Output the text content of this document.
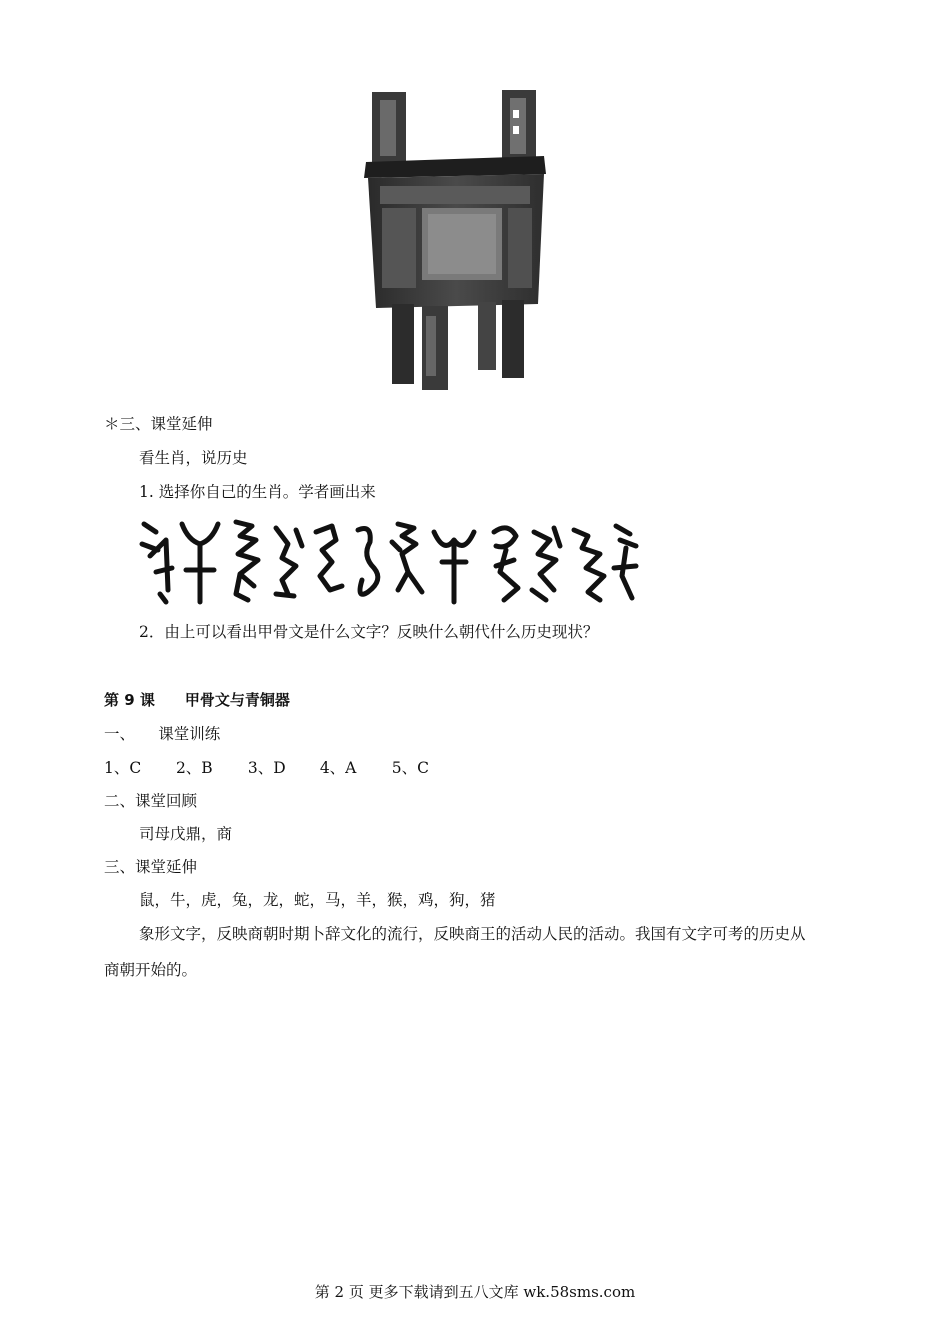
＊三、课堂延伸
看生肖，说历史
1. 选择你自己的生肖。学者画出来
2．由上可以看出甲骨文是什么文字？反映什么朝代什么历史现状？
第 9 课　　甲骨文与青铜器
一、　　课堂训练
1、C 2、B 3、D 4、A 5、C
二、课堂回顾
司母戊鼎，商
三、课堂延伸
鼠，牛，虎，兔，龙，蛇，马，羊，猴，鸡，狗，猪
象形文字，反映商朝时期卜辞文化的流行，反映商王的活动人民的活动。我国有文字可考的历史从
商朝开始的。
第 2 页 更多下载请到五八文库 wk.58sms.com
